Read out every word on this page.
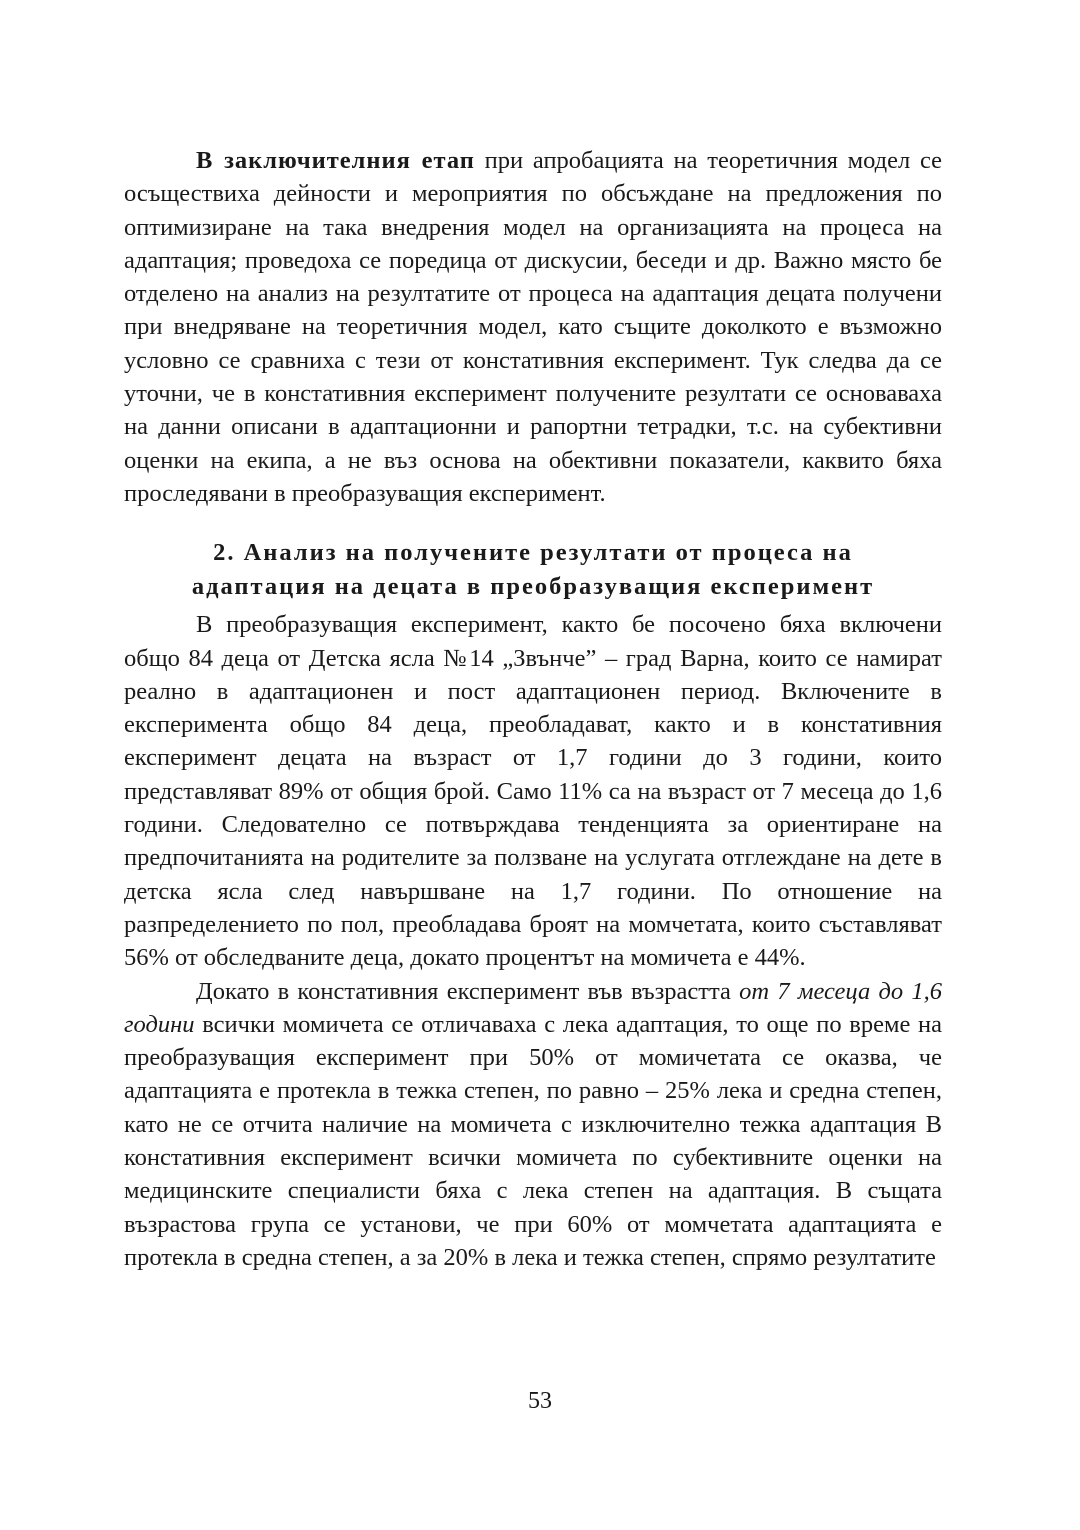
В заключителния етап при апробацията на теоретичния модел се осъществиха дейности и мероприятия по обсъждане на предложения по оптимизиране на така внедрения модел на организацията на процеса на адаптация; проведоха се поредица от дискусии, беседи и др. Важно място бе отделено на анализ на резултатите от процеса на адаптация децата получени при внедряване на теоретичния модел, като същите доколкото е възможно условно се сравниха с тези от констативния експеримент. Тук следва да се уточни, че в констативния експеримент получените резултати се основаваха на данни описани в адаптационни и рапортни тетрадки, т.с. на субективни оценки на екипа, а не въз основа на обективни показатели, каквито бяха проследявани в преобразуващия експеримент.

2. Анализ на получените резултати от процеса на
адаптация на децата в преобразуващия експеримент

В преобразуващия експеримент, както бе посочено бяха включени общо 84 деца от Детска ясла №14 „Звънче” – град Варна, които се намират реално в адаптационен и пост адаптационен период. Включените в експеримента общо 84 деца, преобладават, както и в констативния експеримент децата на възраст от 1,7 години до 3 години, които представляват 89% от общия брой. Само 11% са на възраст от 7 месеца до 1,6 години. Следователно се потвърждава тенденцията за ориентиране на предпочитанията на родителите за ползване на услугата отглеждане на дете в детска ясла след навършване на 1,7 години. По отношение на разпределението по пол, преобладава броят на момчетата, които съставляват 56% от обследваните деца, докато процентът на момичета е 44%.

Докато в констативния експеримент във възрастта от 7 месеца до 1,6 години всички момичета се отличаваха с лека адаптация, то още по време на преобразуващия експеримент при 50% от момичетата се оказва, че адаптацията е протекла в тежка степен, по равно – 25% лека и средна степен, като не се отчита наличие на момичета с изключително тежка адаптация В констативния експеримент всички момичета по субективните оценки на медицинските специалисти бяха с лека степен на адаптация. В същата възрастова група се установи, че при 60% от момчетата адаптацията е протекла в средна степен, а за 20% в лека и тежка степен, спрямо резултатите

53
